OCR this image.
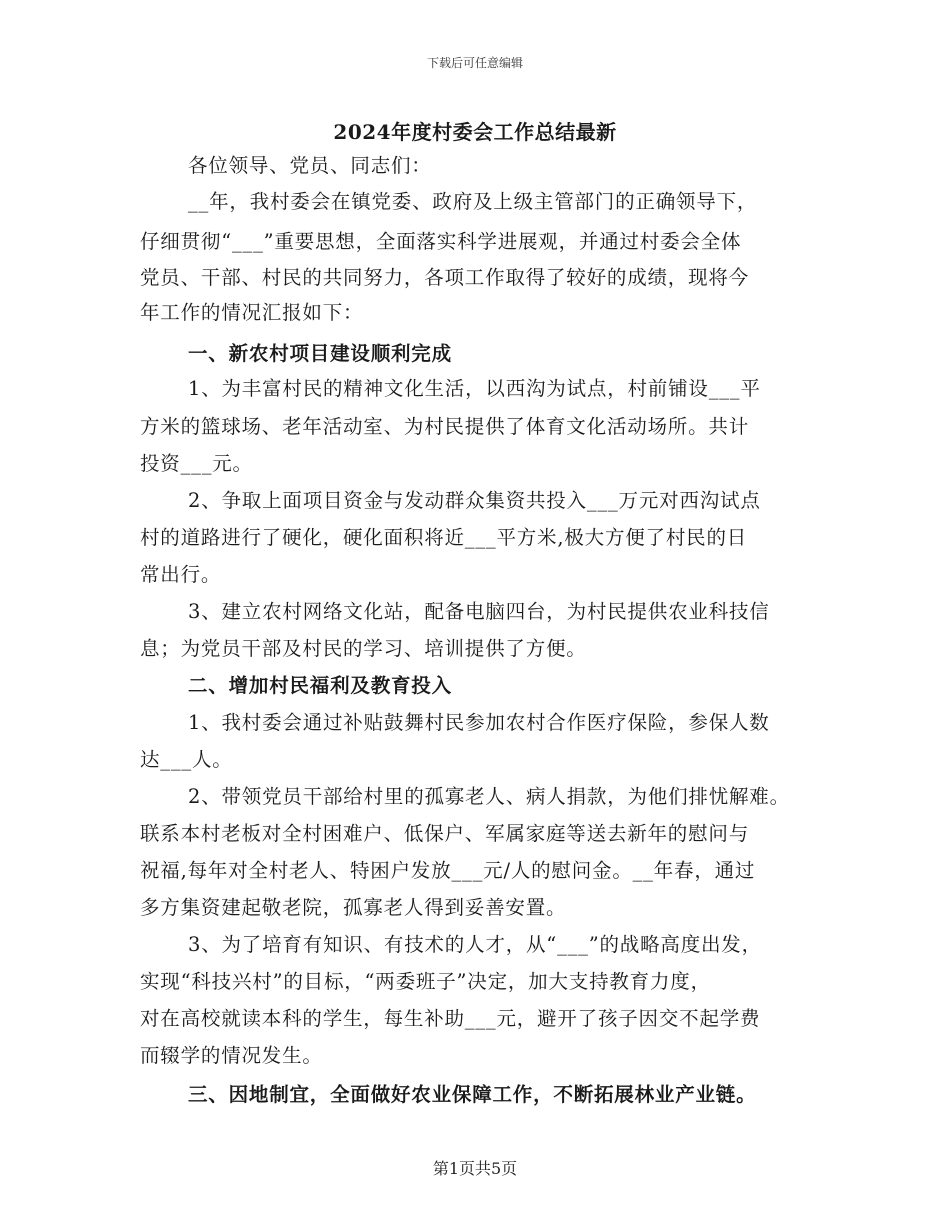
下载后可任意编辑
2024年度村委会工作总结最新
各位领导、党员、同志们：
__年，我村委会在镇党委、政府及上级主管部门的正确领导下，
仔细贯彻“___”重要思想，全面落实科学进展观，并通过村委会全体
党员、干部、村民的共同努力，各项工作取得了较好的成绩，现将今
年工作的情况汇报如下：
一、新农村项目建设顺利完成
1、为丰富村民的精神文化生活，以西沟为试点，村前铺设___平
方米的篮球场、老年活动室、为村民提供了体育文化活动场所。共计
投资___元。
2、争取上面项目资金与发动群众集资共投入___万元对西沟试点
村的道路进行了硬化，硬化面积将近___平方米,极大方便了村民的日
常出行。
3、建立农村网络文化站，配备电脑四台，为村民提供农业科技信
息；为党员干部及村民的学习、培训提供了方便。
二、增加村民福利及教育投入
1、我村委会通过补贴鼓舞村民参加农村合作医疗保险，参保人数
达___人。
2、带领党员干部给村里的孤寡老人、病人捐款，为他们排忧解难。
联系本村老板对全村困难户、低保户、军属家庭等送去新年的慰问与
祝福,每年对全村老人、特困户发放___元/人的慰问金。__年春，通过
多方集资建起敬老院，孤寡老人得到妥善安置。
3、为了培育有知识、有技术的人才，从“___”的战略高度出发，
实现“科技兴村”的目标，“两委班子”决定，加大支持教育力度，
对在高校就读本科的学生，每生补助___元，避开了孩子因交不起学费
而辍学的情况发生。
三、因地制宜，全面做好农业保障工作，不断拓展林业产业链。
第1页共5页
